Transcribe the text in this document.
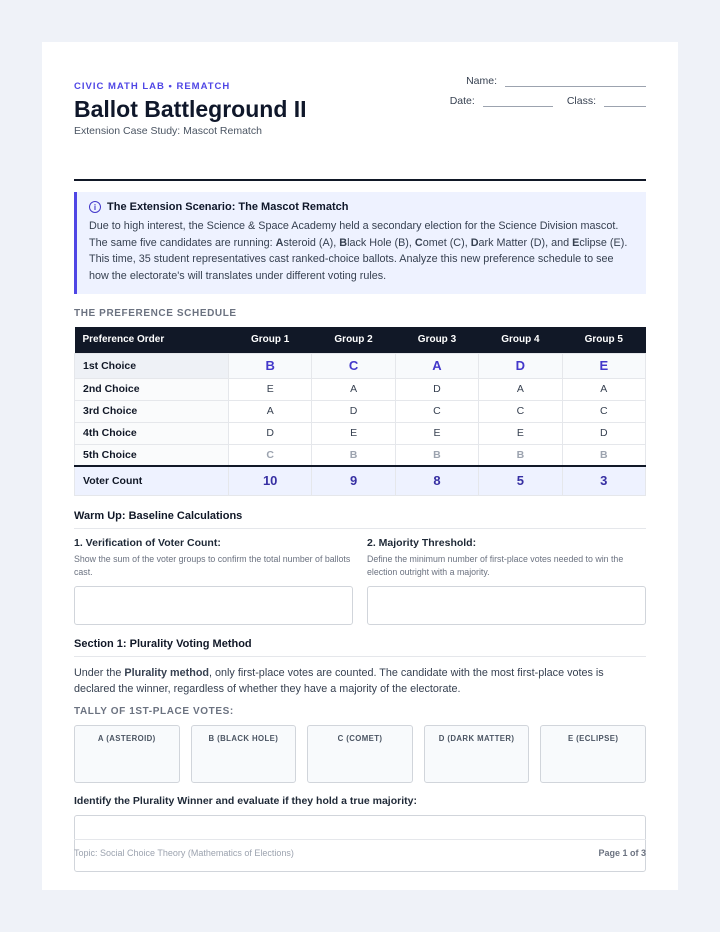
CIVIC MATH LAB • REMATCH
Ballot Battleground II
Extension Case Study: Mascot Rematch
Name:
Date:	Class:
i The Extension Scenario: The Mascot Rematch
Due to high interest, the Science & Space Academy held a secondary election for the Science Division mascot.
The same five candidates are running: Asteroid (A), Black Hole (B), Comet (C), Dark Matter (D), and Eclipse (E).
This time, 35 student representatives cast ranked-choice ballots. Analyze this new preference schedule to see
how the electorate's will translates under different voting rules.
THE PREFERENCE SCHEDULE
Preference Order	Group 1	Group 2	Group 3	Group 4	Group 5
1st Choice	B	C	A	D	E
2nd Choice	E	A	D	A	A
3rd Choice	A	D	C	C	C
4th Choice	D	E	E	E	D
5th Choice	C	B	B	B	B
Voter Count	10	9	8	5	3
Warm Up: Baseline Calculations
1. Verification of Voter Count:
Show the sum of the voter groups to confirm the total number of ballots cast.
2. Majority Threshold:
Define the minimum number of first-place votes needed to win the election outright with a majority.
Section 1: Plurality Voting Method
Under the Plurality method, only first-place votes are counted. The candidate with the most first-place votes is declared the winner, regardless of whether they have a majority of the electorate.
TALLY OF 1ST-PLACE VOTES:
A (ASTEROID)	B (BLACK HOLE)	C (COMET)	D (DARK MATTER)	E (ECLIPSE)
Identify the Plurality Winner and evaluate if they hold a true majority:
Topic: Social Choice Theory (Mathematics of Elections)	Page 1 of 3
